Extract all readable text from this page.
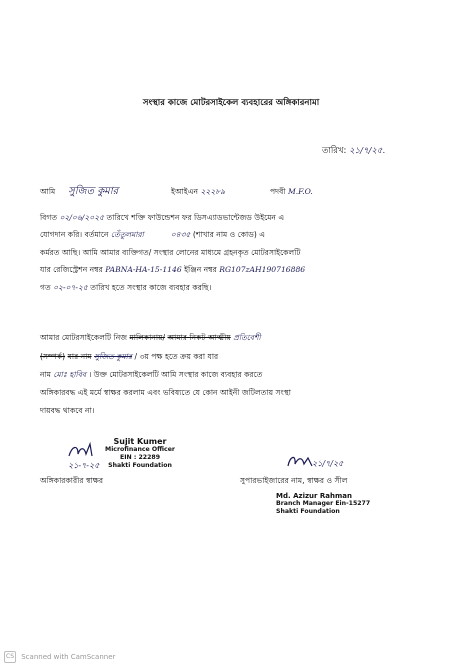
সংস্থার কাজে মোটরসাইকেল ব্যবহারের অঙ্গিকারনামা
তারিখ: ২১/৭/২৫.
আমি সুজিত কুমার	ইআইএন ২২২৮৯	পদবী M.F.O.
বিগত ০২/০৬/২০২৫ তারিখে শক্তি ফাউন্ডেশন ফর ডিসএ্যাডভান্টেজড উইমেন এ
যোগদান করি। বর্তমানে তেঁতুলমারা	০৪৩৫ (শাখার নাম ও কোড) এ
কর্মরত আছি। আমি আমার ব্যক্তিগত/ সংস্থার লোনের মাধ্যমে গ্রহনকৃত মোটরসাইকেলটি
যার রেজিস্ট্রেশন নম্বর PABNA-HA-15-1146 ইঞ্জিন নম্বর RG107zAH190716886
গত ০২-০৭-২৫ তারিখ হতে সংস্থার কাজে ব্যবহার করছি।
আমার মোটরসাইকেলটি নিজ মালিকানায়/ আমার নিকট আত্মীয় প্রতিবেশী
(সম্পর্ক) যার নাম সুজিত কুমার / ৩য় পক্ষ হতে ক্রয় করা যার
নাম মোঃ হাবিব । উক্ত মোটরসাইকেলটি আমি সংস্থার কাজে ব্যবহার করতে
অঙ্গিকারবদ্ধ এই মর্মে স্বাক্ষর করলাম এবং ভবিষ্যতে যে কোন আইনী জটিলতায় সংস্থা
দায়বদ্ধ থাকবে না।
২১-৭-২৫
Sujit Kumer
Microfinance Officer
EIN : 22289
Shakti Foundation
অঙ্গিকারকারীর স্বাক্ষর
২১/৭/২৫
সুপারভাইজারের নাম, স্বাক্ষর ও সীল
Md. Azizur Rahman
Branch Manager Ein-15277
Shakti Foundation
CS Scanned with CamScanner
